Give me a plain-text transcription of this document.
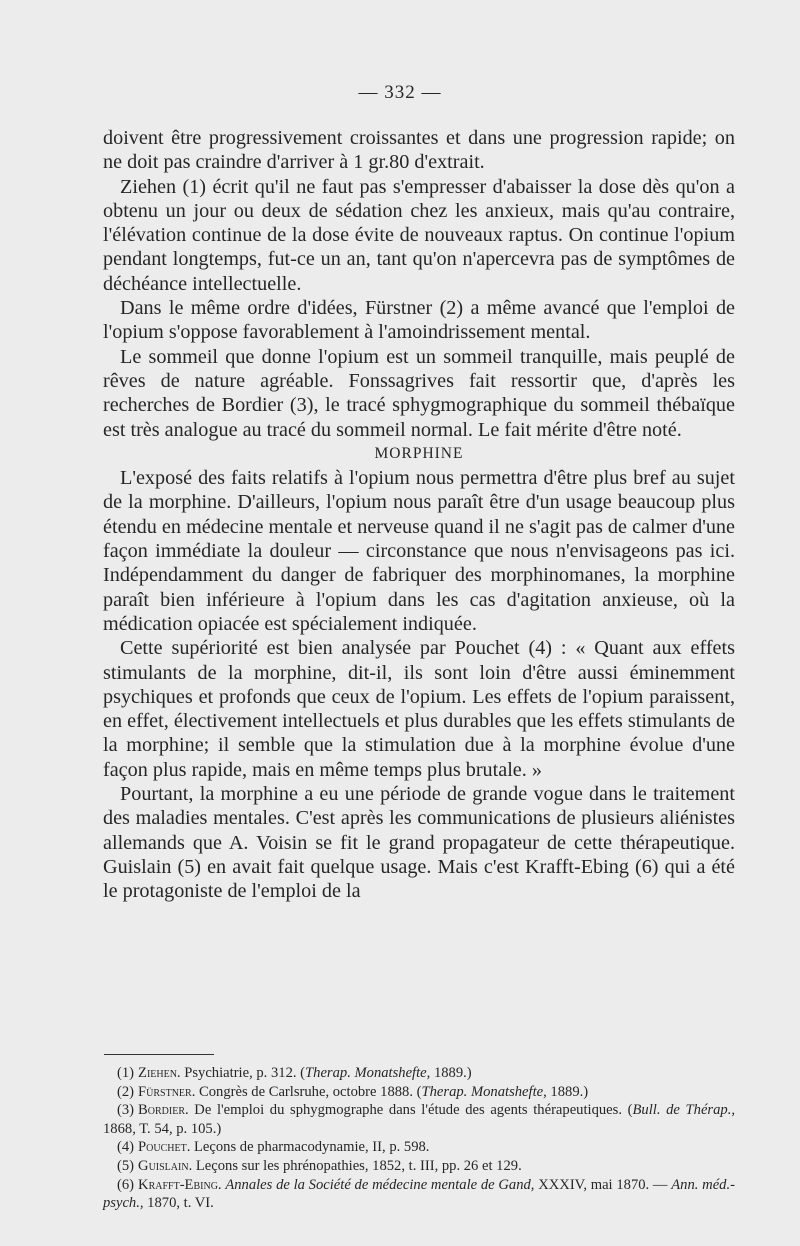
— 332 —

doivent être progressivement croissantes et dans une progression rapide; on ne doit pas craindre d'arriver à 1 gr.80 d'extrait.

Ziehen (1) écrit qu'il ne faut pas s'empresser d'abaisser la dose dès qu'on a obtenu un jour ou deux de sédation chez les anxieux, mais qu'au contraire, l'élévation continue de la dose évite de nouveaux raptus. On continue l'opium pendant longtemps, fut-ce un an, tant qu'on n'apercevra pas de symptômes de déchéance intellectuelle.

Dans le même ordre d'idées, Fürstner (2) a même avancé que l'emploi de l'opium s'oppose favorablement à l'amoindrissement mental.

Le sommeil que donne l'opium est un sommeil tranquille, mais peuplé de rêves de nature agréable. Fonssagrives fait ressortir que, d'après les recherches de Bordier (3), le tracé sphygmographique du sommeil thébaïque est très analogue au tracé du sommeil normal. Le fait mérite d'être noté.

MORPHINE

L'exposé des faits relatifs à l'opium nous permettra d'être plus bref au sujet de la morphine. D'ailleurs, l'opium nous paraît être d'un usage beaucoup plus étendu en médecine mentale et nerveuse quand il ne s'agit pas de calmer d'une façon immédiate la douleur — circonstance que nous n'envisageons pas ici. Indépendamment du danger de fabriquer des morphinomanes, la morphine paraît bien inférieure à l'opium dans les cas d'agitation anxieuse, où la médication opiacée est spécialement indiquée.

Cette supériorité est bien analysée par Pouchet (4) : « Quant aux effets stimulants de la morphine, dit-il, ils sont loin d'être aussi éminemment psychiques et profonds que ceux de l'opium. Les effets de l'opium paraissent, en effet, électivement intellectuels et plus durables que les effets stimulants de la morphine; il semble que la stimulation due à la morphine évolue d'une façon plus rapide, mais en même temps plus brutale. »

Pourtant, la morphine a eu une période de grande vogue dans le traitement des maladies mentales. C'est après les communications de plusieurs aliénistes allemands que A. Voisin se fit le grand propagateur de cette thérapeutique. Guislain (5) en avait fait quelque usage. Mais c'est Krafft-Ebing (6) qui a été le protagoniste de l'emploi de la

(1) Ziehen. Psychiatrie, p. 312. (Therap. Monatshefte, 1889.)
(2) Fürstner. Congrès de Carlsruhe, octobre 1888. (Therap. Monatshefte, 1889.)
(3) Bordier. De l'emploi du sphygmographe dans l'étude des agents thérapeutiques. (Bull. de Thérap., 1868, T. 54, p. 105.)
(4) Pouchet. Leçons de pharmacodynamie, II, p. 598.
(5) Guislain. Leçons sur les phrénopathies, 1852, t. III, pp. 26 et 129.
(6) Krafft-Ebing. Annales de la Société de médecine mentale de Gand, XXXIV, mai 1870. — Ann. méd.-psych., 1870, t. VI.
